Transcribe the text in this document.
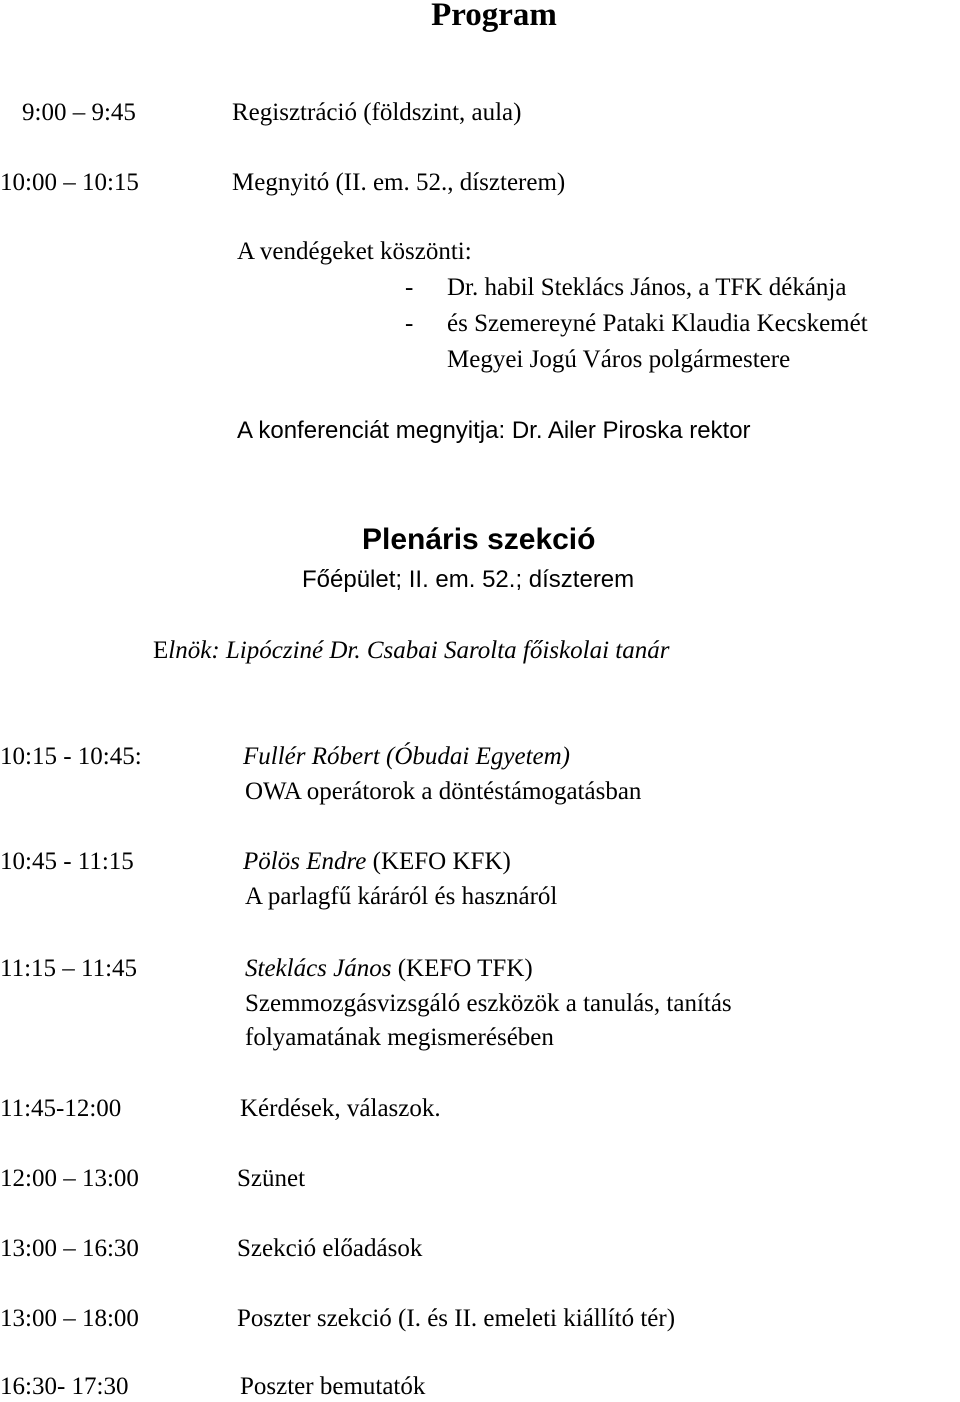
Program
9:00 – 9:45	Regisztráció (földszint, aula)
10:00 – 10:15	Megnyitó (II. em. 52., díszterem)
A vendégeket köszönti:
- Dr. habil Steklács János, a TFK dékánja
- és Szemereyné Pataki Klaudia Kecskemét
Megyei Jogú Város polgármestere
A konferenciát megnyitja: Dr. Ailer Piroska rektor
Plenáris szekció
Főépület; II. em. 52.; díszterem
Elnök: Lipócziné Dr. Csabai Sarolta főiskolai tanár
10:15 - 10:45:	Fullér Róbert (Óbudai Egyetem)
OWA operátorok a döntéstámogatásban
10:45 - 11:15	Pölös Endre (KEFO KFK)
A parlagfű káráról és hasznáról
11:15 – 11:45	Steklács János (KEFO TFK)
Szemmozgásvizsgáló eszközök a tanulás, tanítás
folyamatának megismerésében
11:45-12:00	Kérdések, válaszok.
12:00 – 13:00	Szünet
13:00 – 16:30	Szekció előadások
13:00 – 18:00	Poszter szekció (I. és II. emeleti kiállító tér)
16:30- 17:30	Poszter bemutatók
